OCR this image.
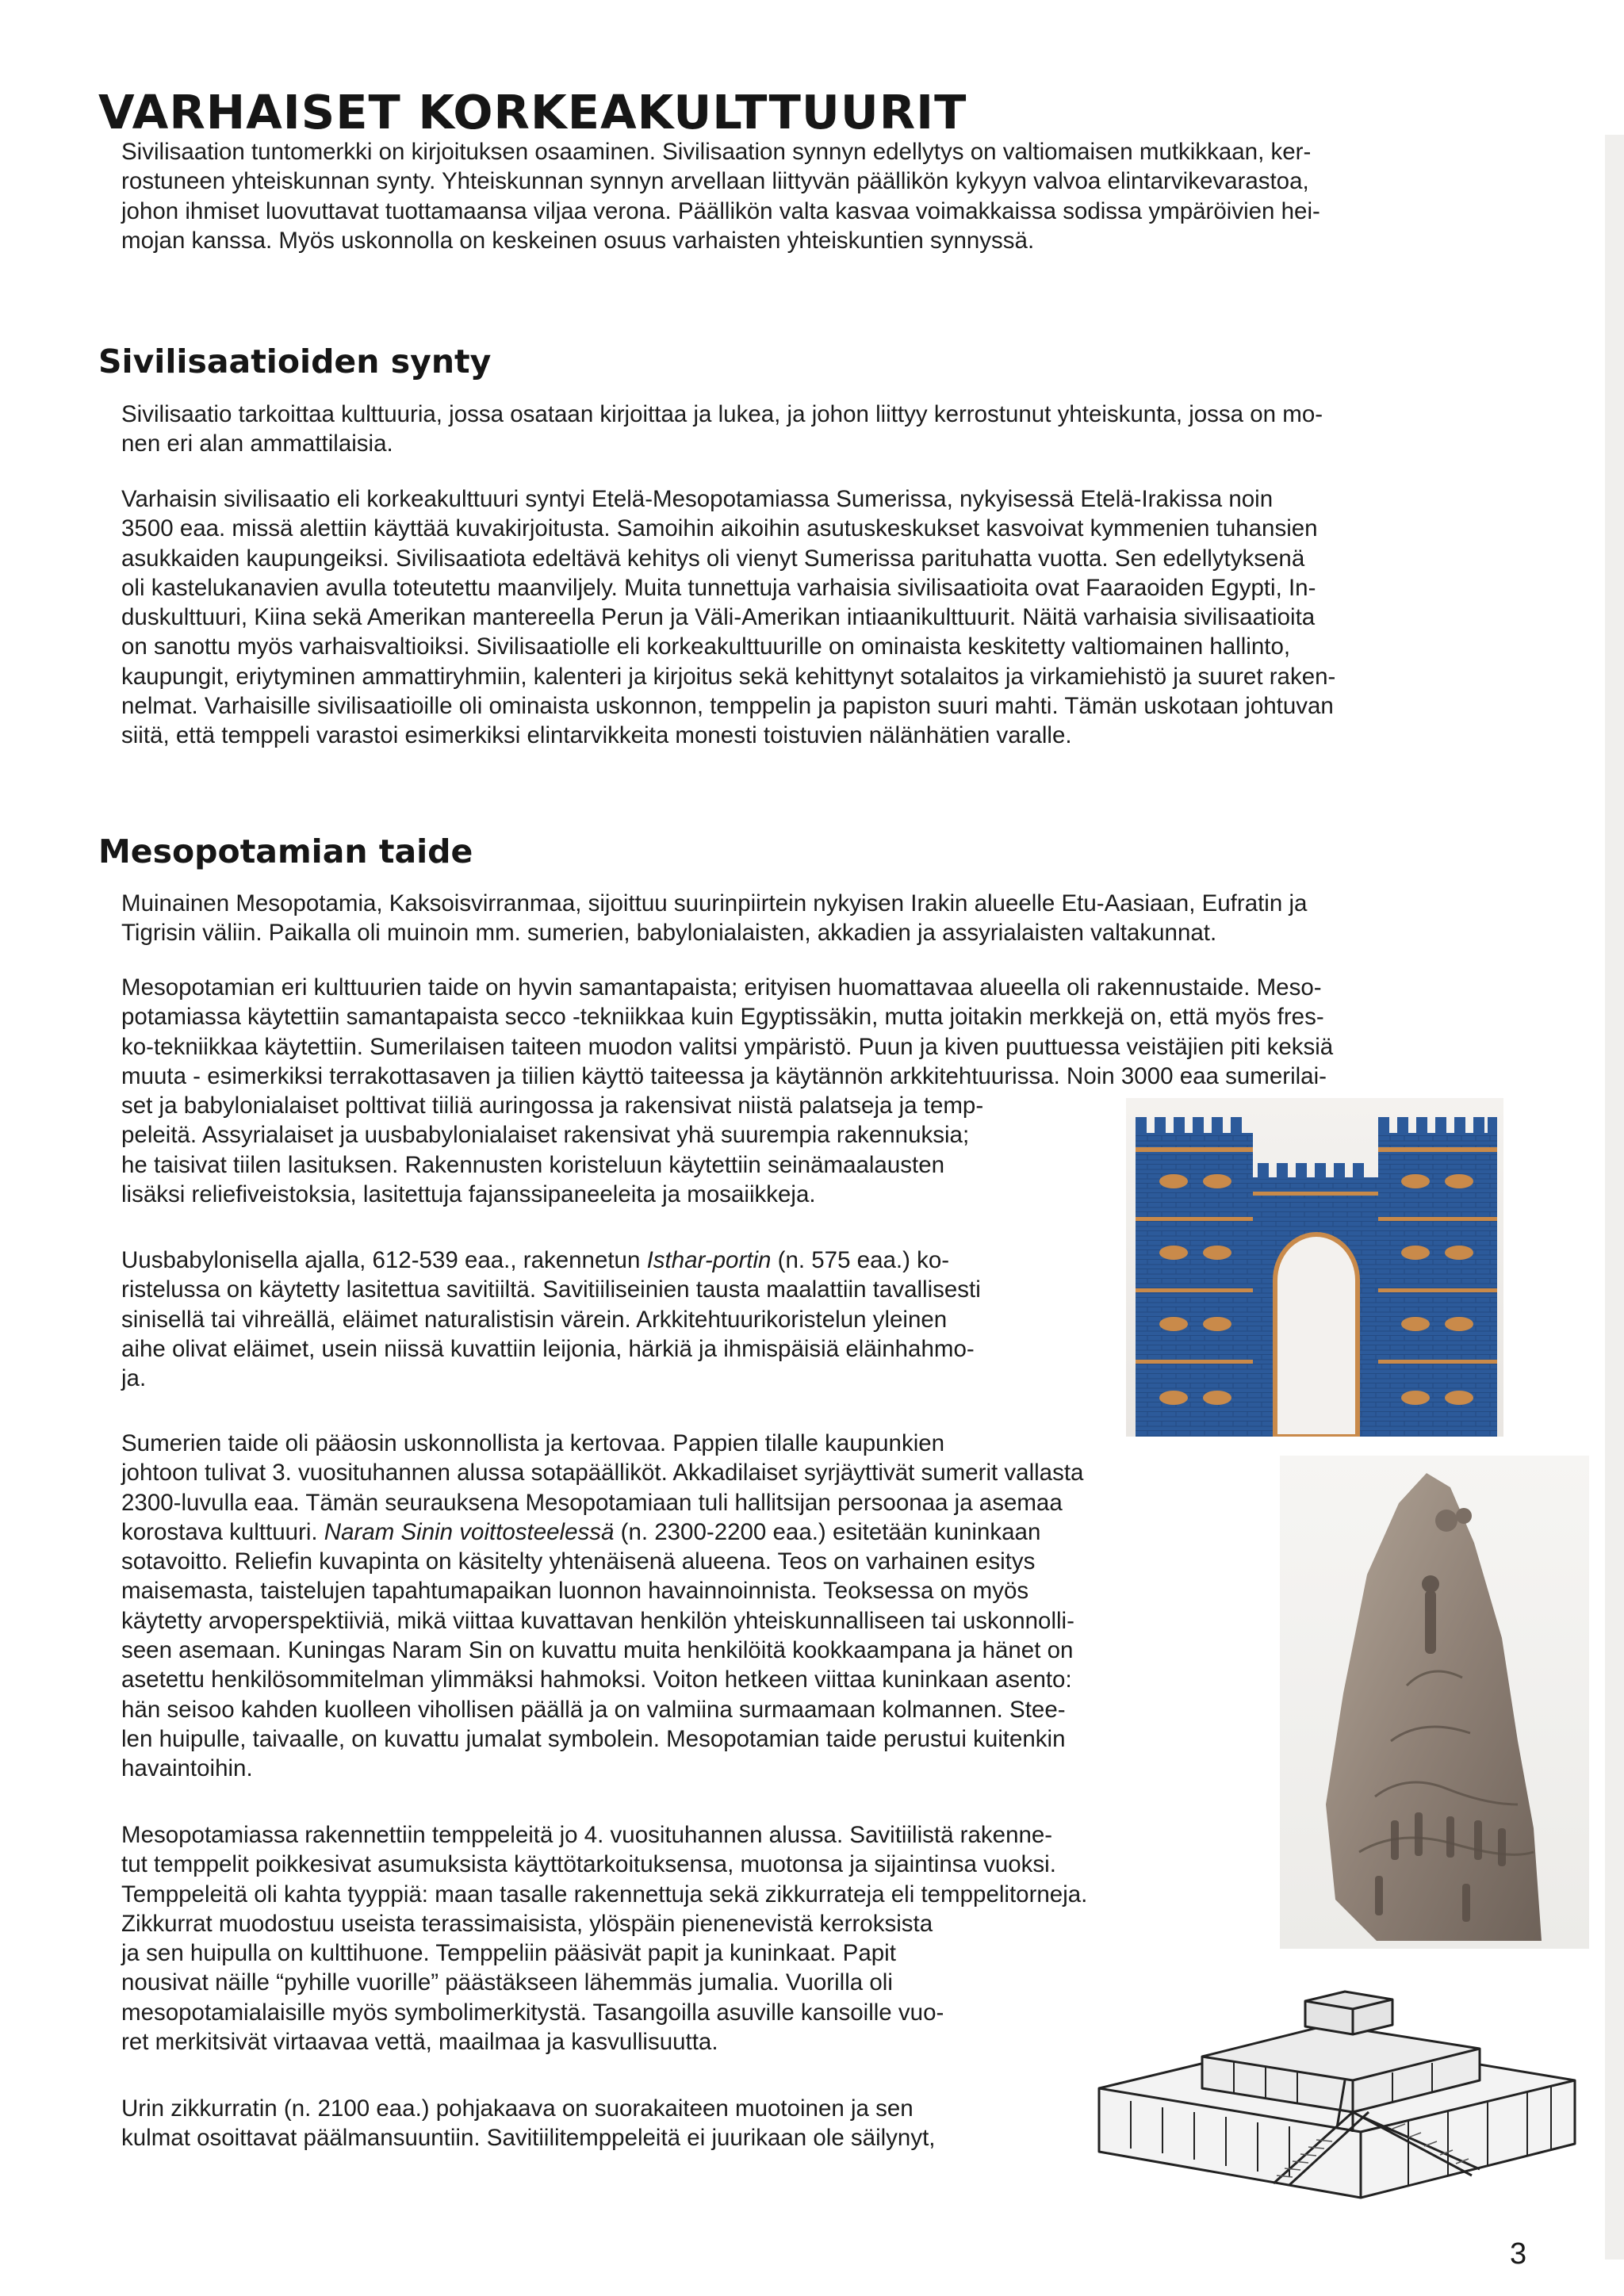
VARHAISET KORKEAKULTTUURIT
Sivilisaation tuntomerkki on kirjoituksen osaaminen. Sivilisaation synnyn edellytys on valtiomaisen mutkikkaan, ker-
rostuneen yhteiskunnan synty. Yhteiskunnan synnyn arvellaan liittyvän päällikön kykyyn valvoa elintarvikevarastoa,
johon ihmiset luovuttavat tuottamaansa viljaa verona. Päällikön valta kasvaa voimakkaissa sodissa ympäröivien hei-
mojan kanssa. Myös uskonnolla on keskeinen osuus varhaisten yhteiskuntien synnyssä.
Sivilisaatioiden synty
Sivilisaatio tarkoittaa kulttuuria, jossa osataan kirjoittaa ja lukea, ja johon liittyy kerrostunut yhteiskunta, jossa on mo-
nen eri alan ammattilaisia.
Varhaisin sivilisaatio eli korkeakulttuuri syntyi Etelä-Mesopotamiassa Sumerissa, nykyisessä Etelä-Irakissa noin
3500 eaa. missä alettiin käyttää kuvakirjoitusta. Samoihin aikoihin asutuskeskukset kasvoivat kymmenien tuhansien
asukkaiden kaupungeiksi. Sivilisaatiota edeltävä kehitys oli vienyt Sumerissa parituhatta vuotta. Sen edellytyksenä
oli kastelukanavien avulla toteutettu maanviljely. Muita tunnettuja varhaisia sivilisaatioita ovat Faaraoiden Egypti, In-
duskulttuuri, Kiina sekä Amerikan mantereella Perun ja Väli-Amerikan intiaanikulttuurit. Näitä varhaisia sivilisaatioita
on sanottu myös varhaisvaltioiksi. Sivilisaatiolle eli korkeakulttuurille on ominaista keskitetty valtiomainen hallinto,
kaupungit, eriytyminen ammattiryhmiin, kalenteri ja kirjoitus sekä kehittynyt sotalaitos ja virkamiehistö ja suuret raken-
nelmat. Varhaisille sivilisaatioille oli ominaista uskonnon, temppelin ja papiston suuri mahti. Tämän uskotaan johtuvan
siitä, että temppeli varastoi esimerkiksi elintarvikkeita monesti toistuvien nälänhätien varalle.
Mesopotamian taide
Muinainen Mesopotamia, Kaksoisvirranmaa, sijoittuu suurinpiirtein nykyisen Irakin alueelle Etu-Aasiaan, Eufratin ja
Tigrisin väliin. Paikalla oli muinoin mm. sumerien, babylonialaisten, akkadien ja assyrialaisten valtakunnat.
Mesopotamian eri kulttuurien taide on hyvin samantapaista; erityisen huomattavaa alueella oli rakennustaide. Meso-
potamiassa käytettiin samantapaista secco -tekniikkaa kuin Egyptissäkin, mutta joitakin merkkejä on, että myös fres-
ko-tekniikkaa käytettiin. Sumerilaisen taiteen muodon valitsi ympäristö. Puun ja kiven puuttuessa veistäjien piti keksiä
muuta - esimerkiksi terrakottasaven ja tiilien käyttö taiteessa ja käytännön arkkitehtuurissa. Noin 3000 eaa sumerilai-
set ja babylonialaiset polttivat tiiliä auringossa ja rakensivat niistä palatseja ja temp-
peleitä. Assyrialaiset ja uusbabylonialaiset rakensivat yhä suurempia rakennuksia;
he taisivat tiilen lasituksen. Rakennusten koristeluun käytettiin seinämaalausten
lisäksi reliefiveistoksia, lasitettuja fajanssipaneeleita ja mosaiikkeja.
Uusbabylonisella ajalla, 612-539 eaa., rakennetun Isthar-portin (n. 575 eaa.) ko-
ristelussa on käytetty lasitettua savitiiltä. Savitiiliseinien tausta maalattiin tavallisesti
sinisellä tai vihreällä, eläimet naturalistisin värein. Arkkitehtuurikoristelun yleinen
aihe olivat eläimet, usein niissä kuvattiin leijonia, härkiä ja ihmispäisiä eläinhahmo-
ja.
Sumerien taide oli pääosin uskonnollista ja kertovaa. Pappien tilalle kaupunkien
johtoon tulivat 3. vuosituhannen alussa sotapäälliköt. Akkadilaiset syrjäyttivät sumerit vallasta
2300-luvulla eaa. Tämän seurauksena Mesopotamiaan tuli hallitsijan persoonaa ja asemaa
korostava kulttuuri. Naram Sinin voittosteelessä (n. 2300-2200 eaa.) esitetään kuninkaan
sotavoitto. Reliefin kuvapinta on käsitelty yhtenäisenä alueena. Teos on varhainen esitys
maisemasta, taistelujen tapahtumapaikan luonnon havainnoinnista. Teoksessa on myös
käytetty arvoperspektiiviä, mikä viittaa kuvattavan henkilön yhteiskunnalliseen tai uskonnolli-
seen asemaan. Kuningas Naram Sin on kuvattu muita henkilöitä kookkaampana ja hänet on
asetettu henkilösommitelman ylimmäksi hahmoksi. Voiton hetkeen viittaa kuninkaan asento:
hän seisoo kahden kuolleen vihollisen päällä ja on valmiina surmaamaan kolmannen. Stee-
len huipulle, taivaalle, on kuvattu jumalat symbolein. Mesopotamian taide perustui kuitenkin
havaintoihin.
Mesopotamiassa rakennettiin temppeleitä jo 4. vuosituhannen alussa. Savitiilistä rakenne-
tut temppelit poikkesivat asumuksista käyttötarkoituksensa, muotonsa ja sijaintinsa vuoksi.
Temppeleitä oli kahta tyyppiä: maan tasalle rakennettuja sekä zikkurrateja eli temppelitorneja.
Zikkurrat muodostuu useista terassimaisista, ylöspäin pienenevistä kerroksista
ja sen huipulla on kulttihuone. Temppeliin pääsivät papit ja kuninkaat. Papit
nousivat näille “pyhille vuorille” päästäkseen lähemmäs jumalia. Vuorilla oli
mesopotamialaisille myös symbolimerkitystä. Tasangoilla asuville kansoille vuo-
ret merkitsivät virtaavaa vettä, maailmaa ja kasvullisuutta.
Urin zikkurratin (n. 2100 eaa.) pohjakaava on suorakaiteen muotoinen ja sen
kulmat osoittavat päälmansuuntiin. Savitiilitemppeleitä ei juurikaan ole säilynyt,
3
